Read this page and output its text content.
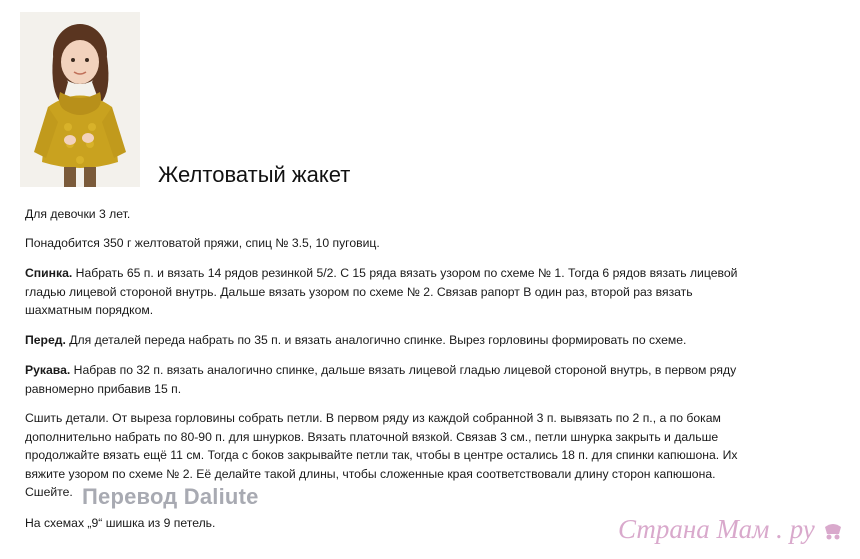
Желтоватый жакет
Для девочки 3 лет.
Понадобится 350 г желтоватой пряжи, спиц № 3.5, 10 пуговиц.
Спинка. Набрать 65 п. и вязать 14 рядов резинкой 5/2. С 15 ряда вязать узором по схеме № 1. Тогда 6 рядов вязать лицевой
гладью лицевой стороной внутрь. Дальше вязать узором по схеме № 2. Связав рапорт В один раз, второй раз вязать
шахматным порядком.
Перед. Для деталей переда набрать по 35 п. и вязать аналогично спинке. Вырез горловины формировать по схеме.
Рукава. Набрав по 32 п. вязать аналогично спинке, дальше вязать лицевой гладью лицевой стороной внутрь, в первом ряду
равномерно прибавив 15 п.
Сшить детали. От выреза горловины собрать петли. В первом ряду из каждой собранной 3 п. вывязать по 2 п., а по бокам
дополнительно набрать по 80-90 п. для шнурков. Вязать платочной вязкой. Связав 3 см., петли шнурка закрыть и дальше
продолжайте вязать ещё 11 см. Тогда с боков закрывайте петли так, чтобы в центре остались 18 п. для спинки капюшона. Их
вяжите узором по схеме № 2. Её делайте такой длины, чтобы сложенные края соответствовали длину сторон капюшона.
Сшейте. Перевод Daliute
На схемах „9“ шишка из 9 петель.	Страна Мам . ру
